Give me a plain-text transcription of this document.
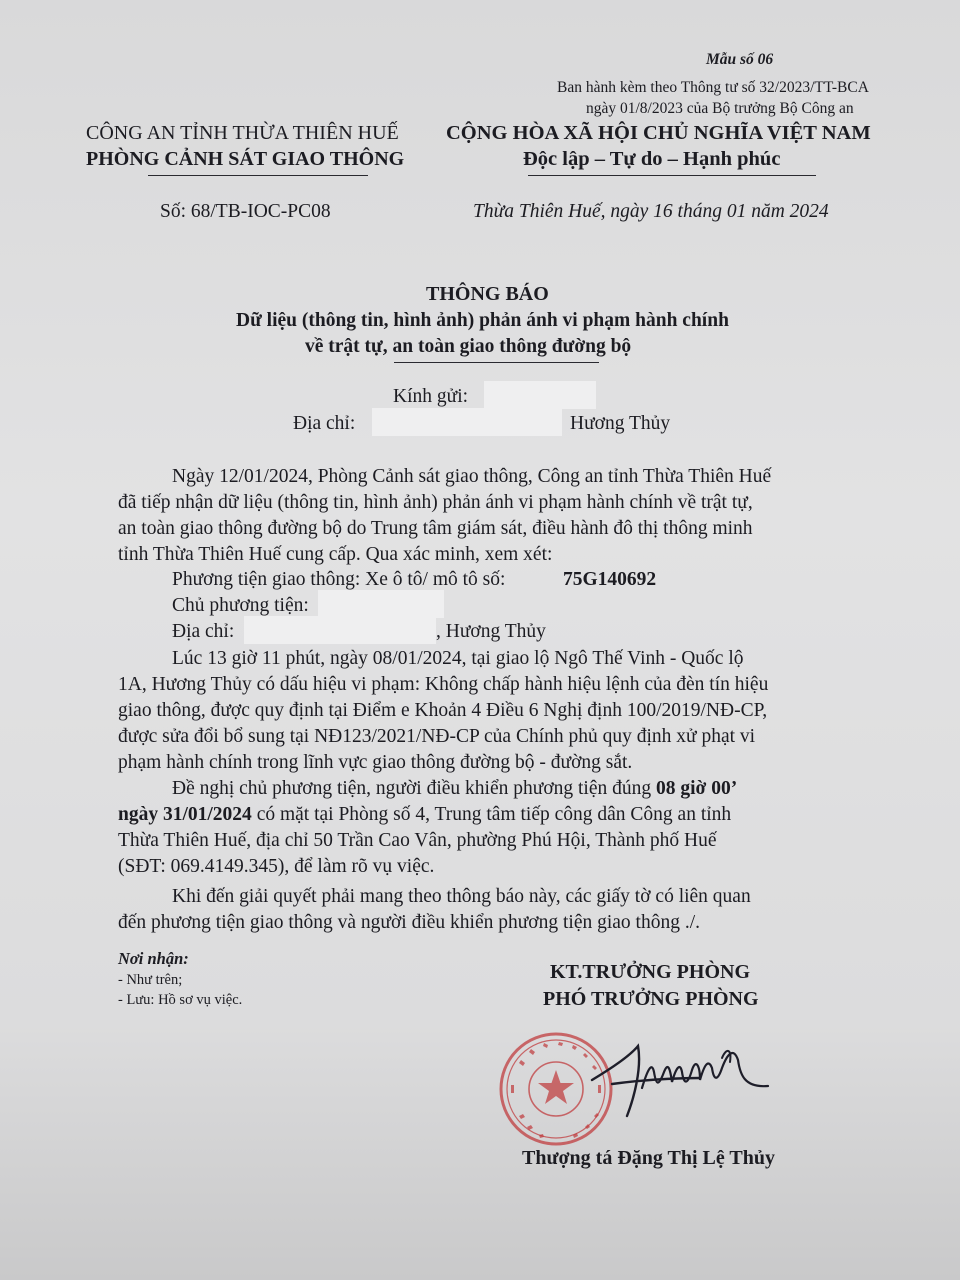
Mẫu số 06
Ban hành kèm theo Thông tư số 32/2023/TT-BCA
ngày 01/8/2023 của Bộ trưởng Bộ Công an
CÔNG AN TỈNH THỪA THIÊN HUẾ
PHÒNG CẢNH SÁT GIAO THÔNG
CỘNG HÒA XÃ HỘI CHỦ NGHĨA VIỆT NAM
Độc lập – Tự do – Hạnh phúc
Số: 68/TB-IOC-PC08	Thừa Thiên Huế, ngày 16 tháng 01 năm 2024
THÔNG BÁO
Dữ liệu (thông tin, hình ảnh) phản ánh vi phạm hành chính
về trật tự, an toàn giao thông đường bộ
Kính gửi:
Địa chỉ:	Hương Thủy
Ngày 12/01/2024, Phòng Cảnh sát giao thông, Công an tỉnh Thừa Thiên Huế
đã tiếp nhận dữ liệu (thông tin, hình ảnh) phản ánh vi phạm hành chính về trật tự,
an toàn giao thông đường bộ do Trung tâm giám sát, điều hành đô thị thông minh
tỉnh Thừa Thiên Huế cung cấp. Qua xác minh, xem xét:
Phương tiện giao thông: Xe ô tô/ mô tô số:	75G140692
Chủ phương tiện:
Địa chỉ:	, Hương Thủy
Lúc 13 giờ 11 phút, ngày 08/01/2024, tại giao lộ Ngô Thế Vinh - Quốc lộ
1A, Hương Thủy có dấu hiệu vi phạm: Không chấp hành hiệu lệnh của đèn tín hiệu
giao thông, được quy định tại Điểm e Khoản 4 Điều 6 Nghị định 100/2019/NĐ-CP,
được sửa đổi bổ sung tại NĐ123/2021/NĐ-CP của Chính phủ quy định xử phạt vi
phạm hành chính trong lĩnh vực giao thông đường bộ - đường sắt.
Đề nghị chủ phương tiện, người điều khiển phương tiện đúng 08 giờ 00’
ngày 31/01/2024 có mặt tại Phòng số 4, Trung tâm tiếp công dân Công an tỉnh
Thừa Thiên Huế, địa chỉ 50 Trần Cao Vân, phường Phú Hội, Thành phố Huế
(SĐT: 069.4149.345), để làm rõ vụ việc.
Khi đến giải quyết phải mang theo thông báo này, các giấy tờ có liên quan
đến phương tiện giao thông và người điều khiển phương tiện giao thông ./.
Nơi nhận:
- Như trên;
- Lưu: Hồ sơ vụ việc.
KT.TRƯỞNG PHÒNG
PHÓ TRƯỞNG PHÒNG
Thượng tá Đặng Thị Lệ Thủy
